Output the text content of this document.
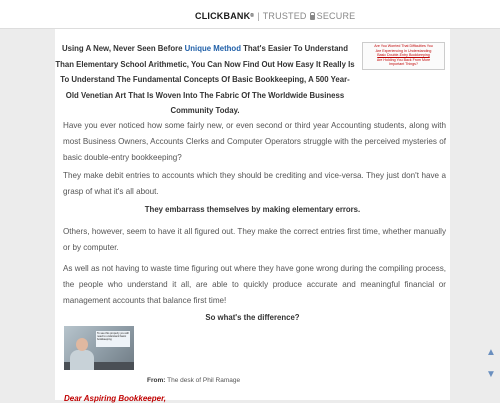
CLICKBANK ® | TRUSTED SECURE
Using A New, Never Seen Before Unique Method That's Easier To Understand Than Elementary School Arithmetic, You Can Now Find Out How Easy It Really Is To Understand The Fundamental Concepts Of Basic Bookkeeping, A 500 Year-Old Venetian Art That Is Woven Into The Fabric Of The Worldwide Business Community Today.
Are You Worried That Difficulties You
Are Experiencing In Understanding
Basic Double-Entry Bookkeeping
Are Holding You Back From More
Important Things?
Have you ever noticed how some fairly new, or even second or third year Accounting students, along with most Business Owners, Accounts Clerks and Computer Operators struggle with the perceived mysteries of basic double-entry bookkeeping?
They make debit entries to accounts which they should be crediting and vice-versa. They just don't have a grasp of what it's all about.
They embarrass themselves by making elementary errors.
Others, however, seem to have it all figured out. They make the correct entries first time, whether manually or by computer.
As well as not having to waste time figuring out where they have gone wrong during the compiling process, the people who understand it all, are able to quickly produce accurate and meaningful financial or management accounts that balance first time!
So what's the difference?
To see this properly you will need to understand basic bookkeeping
From: The desk of Phil Ramage
Dear Aspiring Bookkeeper,
▲
▼
